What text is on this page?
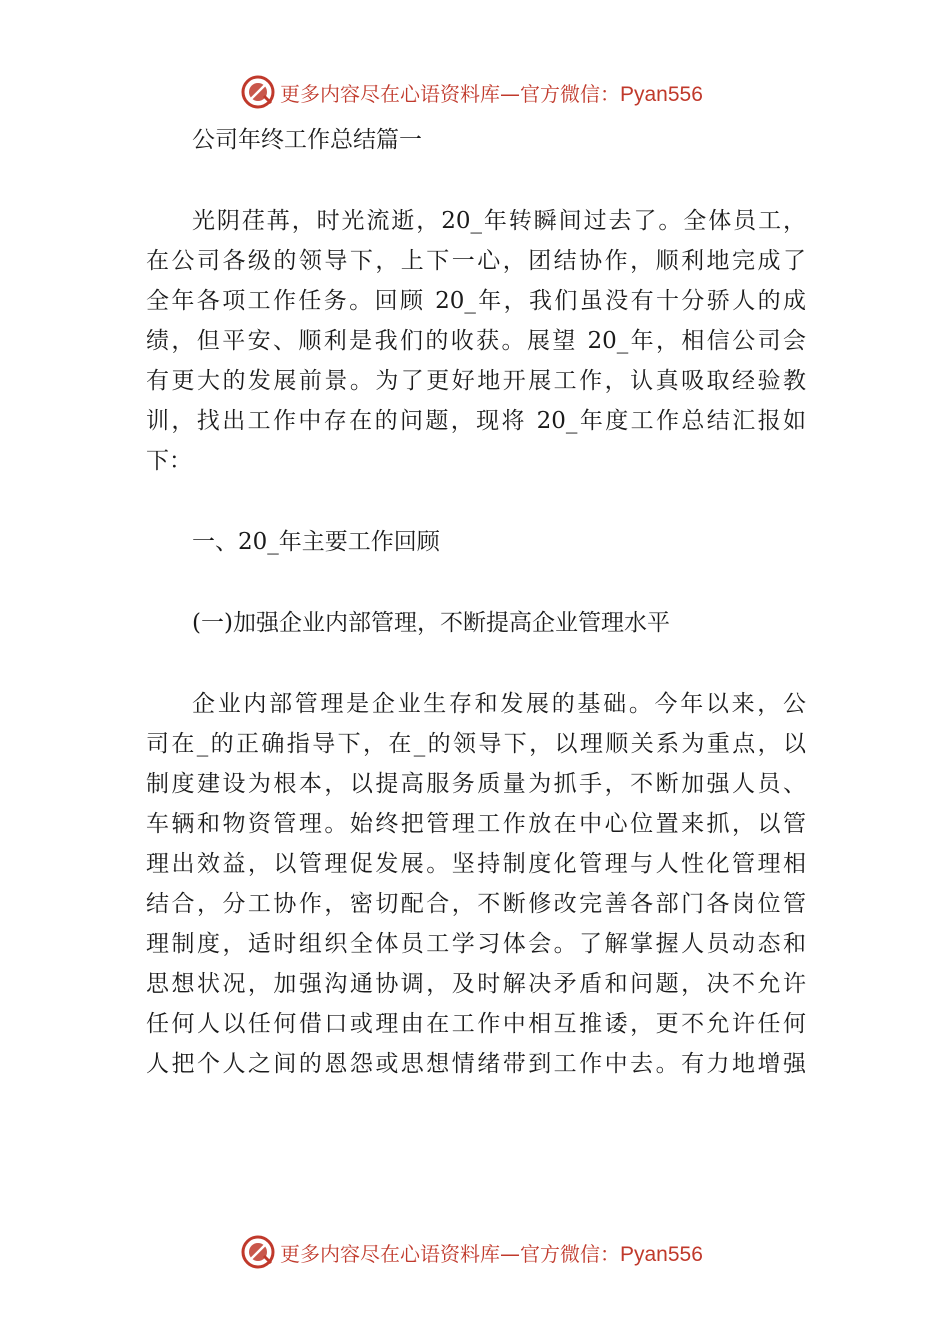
更多内容尽在心语资料库—官方微信：Pyan556
公司年终工作总结篇一
光阴荏苒，时光流逝，20_年转瞬间过去了。全体员工，
在公司各级的领导下，上下一心，团结协作，顺利地完成了
全年各项工作任务。回顾 20_年，我们虽没有十分骄人的成
绩，但平安、顺利是我们的收获。展望 20_年，相信公司会
有更大的发展前景。为了更好地开展工作，认真吸取经验教
训，找出工作中存在的问题，现将 20_年度工作总结汇报如
下：
一、20_年主要工作回顾
(一)加强企业内部管理，不断提高企业管理水平
企业内部管理是企业生存和发展的基础。今年以来，公
司在_的正确指导下，在_的领导下，以理顺关系为重点，以
制度建设为根本，以提高服务质量为抓手，不断加强人员、
车辆和物资管理。始终把管理工作放在中心位置来抓，以管
理出效益，以管理促发展。坚持制度化管理与人性化管理相
结合，分工协作，密切配合，不断修改完善各部门各岗位管
理制度，适时组织全体员工学习体会。了解掌握人员动态和
思想状况，加强沟通协调，及时解决矛盾和问题，决不允许
任何人以任何借口或理由在工作中相互推诿，更不允许任何
人把个人之间的恩怨或思想情绪带到工作中去。有力地增强
更多内容尽在心语资料库—官方微信：Pyan556
